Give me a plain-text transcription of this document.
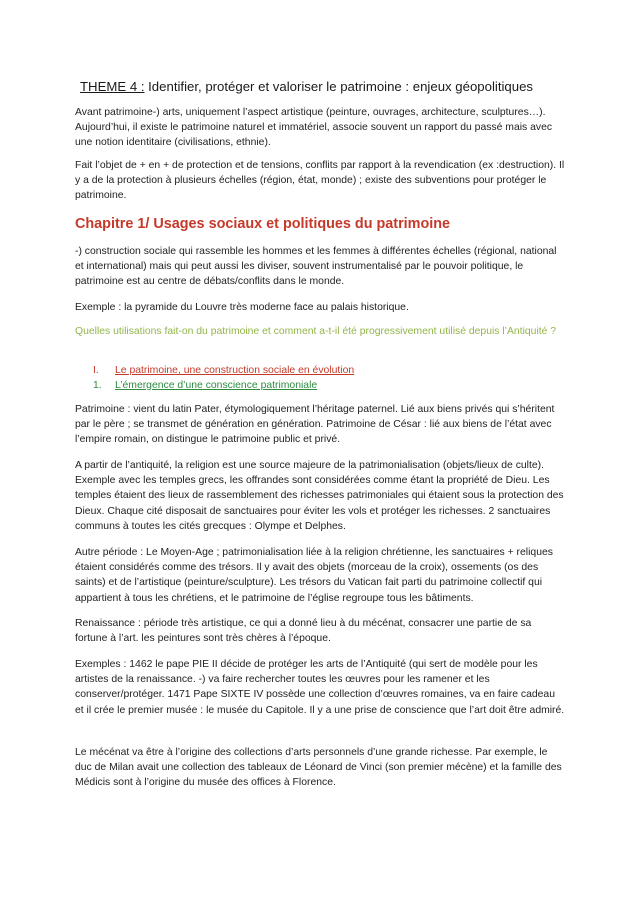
THEME 4 : Identifier, protéger et valoriser le patrimoine : enjeux géopolitiques

Avant patrimoine-) arts, uniquement l’aspect artistique (peinture, ouvrages, architecture, sculptures…). Aujourd’hui, il existe le patrimoine naturel et immatériel, associe souvent un rapport du passé mais avec une notion identitaire (civilisations, ethnie).

Fait l’objet de + en + de protection et de tensions, conflits par rapport à la revendication (ex :destruction). Il y a de la protection à plusieurs échelles (région, état, monde) ; existe des subventions pour protéger le patrimoine.

Chapitre 1/ Usages sociaux et politiques du patrimoine

-) construction sociale qui rassemble les hommes et les femmes à différentes échelles (régional, national et international) mais qui peut aussi les diviser, souvent instrumentalisé par le pouvoir politique, le patrimoine est au centre de débats/conflits dans le monde.

Exemple : la pyramide du Louvre très moderne face au palais historique.

Quelles utilisations fait-on du patrimoine et comment a-t-il été progressivement utilisé depuis l’Antiquité ?

I. Le patrimoine, une construction sociale en évolution
1. L’émergence d’une conscience patrimoniale

Patrimoine : vient du latin Pater, étymologiquement l’héritage paternel. Lié aux biens privés qui s’héritent par le père ; se transmet de génération en génération. Patrimoine de César : lié aux biens de l’état avec l’empire romain, on distingue le patrimoine public et privé.

A partir de l’antiquité, la religion est une source majeure de la patrimonialisation (objets/lieux de culte). Exemple avec les temples grecs, les offrandes sont considérées comme étant la propriété de Dieu. Les temples étaient des lieux de rassemblement des richesses patrimoniales qui étaient sous la protection des Dieux. Chaque cité disposait de sanctuaires pour éviter les vols et protéger les richesses. 2 sanctuaires communs à toutes les cités grecques : Olympe et Delphes.

Autre période : Le Moyen-Age ; patrimonialisation liée à la religion chrétienne, les sanctuaires + reliques étaient considérés comme des trésors. Il y avait des objets (morceau de la croix), ossements (os des saints) et de l’artistique (peinture/sculpture). Les trésors du Vatican fait parti du patrimoine collectif qui appartient à tous les chrétiens, et le patrimoine de l’église regroupe tous les bâtiments.

Renaissance : période très artistique, ce qui a donné lieu à du mécénat, consacrer une partie de sa fortune à l’art. les peintures sont très chères à l’époque.

Exemples : 1462 le pape PIE II décide de protéger les arts de l’Antiquité (qui sert de modèle pour les artistes de la renaissance. -) va faire rechercher toutes les œuvres pour les ramener et les conserver/protéger. 1471 Pape SIXTE IV possède une collection d’œuvres romaines, va en faire cadeau et il crée le premier musée : le musée du Capitole. Il y a une prise de conscience que l’art doit être admiré.

Le mécénat va être à l’origine des collections d’arts personnels d’une grande richesse. Par exemple, le duc de Milan avait une collection des tableaux de Léonard de Vinci (son premier mécène) et la famille des Médicis sont à l’origine du musée des offices à Florence.
